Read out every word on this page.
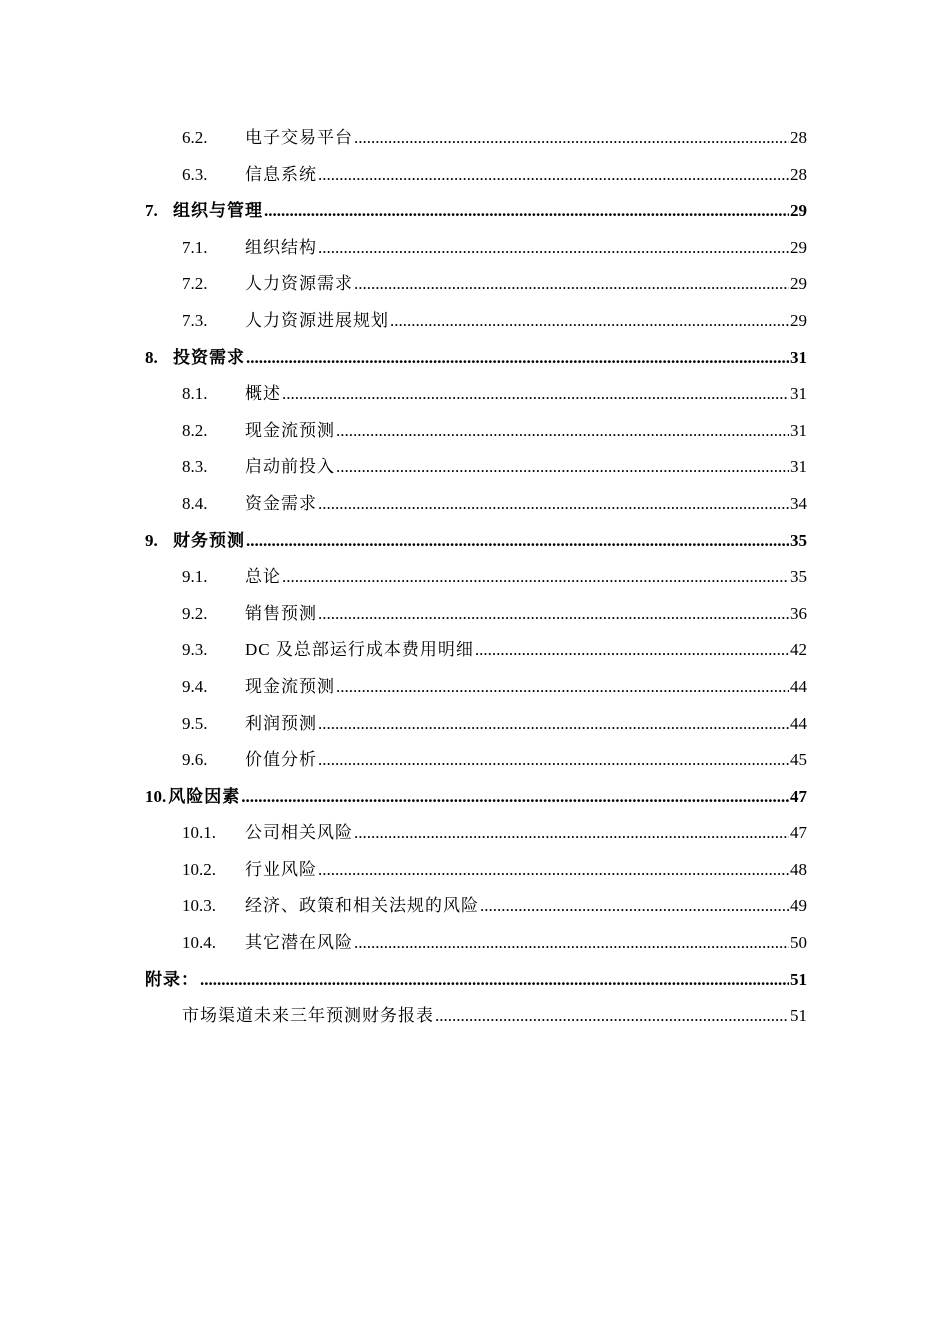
6.2.	电子交易平台 .....	28
6.3.	信息系统 .....	28
7. 组织与管理 .....	29
7.1.	组织结构 .....	29
7.2.	人力资源需求 .....	29
7.3.	人力资源进展规划 .....	29
8. 投资需求 .....	31
8.1.	概述 .....	31
8.2.	现金流预测 .....	31
8.3.	启动前投入 .....	31
8.4.	资金需求 .....	34
9. 财务预测 .....	35
9.1.	总论 .....	35
9.2.	销售预测 .....	36
9.3.	DC 及总部运行成本费用明细 .....	42
9.4.	现金流预测 .....	44
9.5.	利润预测 .....	44
9.6.	价值分析 .....	45
10. 风险因素 .....	47
10.1.	公司相关风险 .....	47
10.2.	行业风险 .....	48
10.3.	经济、政策和相关法规的风险 .....	49
10.4.	其它潜在风险 .....	50
附录： .....	51
市场渠道未来三年预测财务报表 .....	51
